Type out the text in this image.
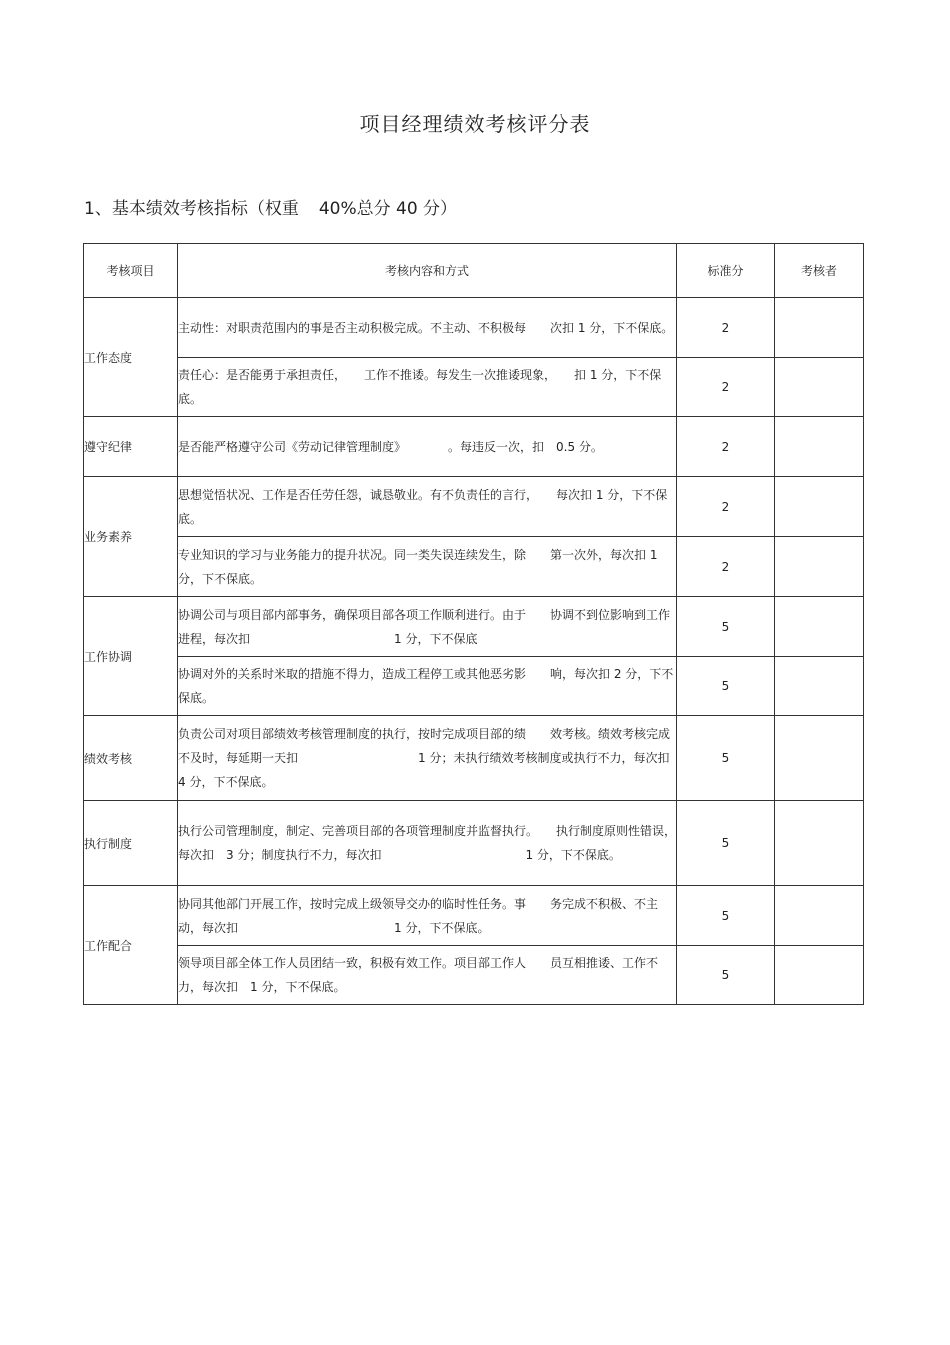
项目经理绩效考核评分表
1、基本绩效考核指标（权重 40%总分 40 分）
考核项目	考核内容和方式	标准分	考核者
工作态度	主动性：对职责范围内的事是否主动积极完成。不主动、不积极每　　次扣 1 分，下不保底。	2	
	责任心：是否能勇于承担责任，　　工作不推诿。每发生一次推诿现象，　　扣 1 分，下不保底。	2	
遵守纪律	是否能严格遵守公司《劳动记律管理制度》　　　　。每违反一次，扣　0.5 分。	2	
业务素养	思想觉悟状况、工作是否任劳任怨，诚恳敬业。有不负责任的言行，　　每次扣 1 分，下不保底。	2	
	专业知识的学习与业务能力的提升状况。同一类失误连续发生，除　　第一次外，每次扣 1 分，下不保底。	2	
工作协调	协调公司与项目部内部事务，确保项目部各项工作顺利进行。由于　　协调不到位影响到工作进程，每次扣　　　　　　　　　　　　1 分，下不保底	5	
	协调对外的关系时米取的措施不得力，造成工程停工或其他恶劣影　　响，每次扣 2 分，下不保底。	5	
绩效考核	负责公司对项目部绩效考核管理制度的执行，按时完成项目部的绩　　效考核。绩效考核完成不及时，每延期一天扣　　　　　　　　　　1 分；未执行绩效考核制度或执行不力，每次扣　4 分，下不保底。	5	
执行制度	执行公司管理制度，制定、完善项目部的各项管理制度并监督执行。　　执行制度原则性错误，每次扣　3 分；制度执行不力，每次扣　　　　　　　　　　　　1 分，下不保底。	5	
工作配合	协同其他部门开展工作，按时完成上级领导交办的临时性任务。事　　务完成不积极、不主动，每次扣　　　　　　　　　　　　　1 分，下不保底。	5	
	领导项目部全体工作人员团结一致，积极有效工作。项目部工作人　　员互相推诿、工作不力，每次扣　1 分，下不保底。	5	
